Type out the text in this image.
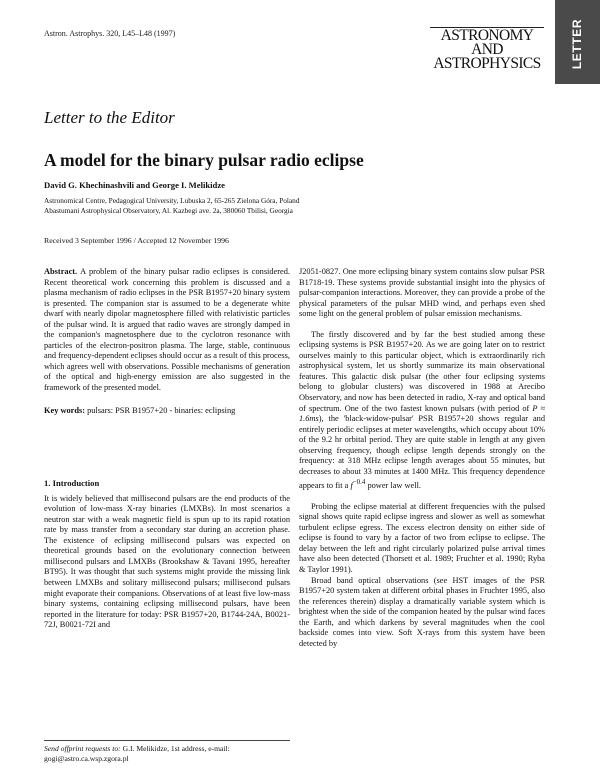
Astron. Astrophys. 320, L45–L48 (1997)	ASTRONOMY
AND
ASTROPHYSICS LETTER
Letter to the Editor
A model for the binary pulsar radio eclipse
David G. Khechinashvili and George I. Melikidze
Astronomical Centre, Pedagogical University, Lubuska 2, 65-265 Zielona Góra, Poland
Abastumani Astrophysical Observatory, Al. Kazbegi ave. 2a, 380060 Tbilisi, Georgia
Received 3 September 1996 / Accepted 12 November 1996

Abstract. A problem of the binary pulsar radio eclipses is considered. Recent theoretical work concerning this problem is discussed and a plasma mechanism of radio eclipses in the PSR B1957+20 binary system is presented. The companion star is assumed to be a degenerate white dwarf with nearly dipolar magnetosphere filled with relativistic particles of the pulsar wind. It is argued that radio waves are strongly damped in the companion's magnetosphere due to the cyclotron resonance with particles of the electron-positron plasma. The large, stable, continuous and frequency-dependent eclipses should occur as a result of this process, which agrees well with observations. Possible mechanisms of generation of the optical and high-energy emission are also suggested in the framework of the presented model.

Key words: pulsars: PSR B1957+20 - binaries: eclipsing

1. Introduction

It is widely believed that millisecond pulsars are the end products of the evolution of low-mass X-ray binaries (LMXBs). In most scenarios a neutron star with a weak magnetic field is spun up to its rapid rotation rate by mass transfer from a secondary star during an accretion phase. The existence of eclipsing millisecond pulsars was expected on theoretical grounds based on the evolutionary connection between millisecond pulsars and LMXBs (Brookshaw & Tavani 1995, hereafter BT95). It was thought that such systems might provide the missing link between LMXBs and solitary millisecond pulsars; millisecond pulsars might evaporate their companions. Observations of at least five low-mass binary systems, containing eclipsing millisecond pulsars, have been reported in the literature for today: PSR B1957+20, B1744-24A, B0021-72J, B0021-72I and

Send offprint requests to: G.I. Melikidze, 1st address, e-mail: gogi@astro.ca.wsp.zgora.pl

J2051-0827. One more eclipsing binary system contains slow pulsar PSR B1718-19. These systems provide substantial insight into the physics of pulsar-companion interactions. Moreover, they can provide a probe of the physical parameters of the pulsar MHD wind, and perhaps even shed some light on the general problem of pulsar emission mechanisms.

The firstly discovered and by far the best studied among these eclipsing systems is PSR B1957+20. As we are going later on to restrict ourselves mainly to this particular object, which is extraordinarily rich astrophysical system, let us shortly summarize its main observational features. This galactic disk pulsar (the other four eclipsing systems belong to globular clusters) was discovered in 1988 at Arecibo Observatory, and now has been detected in radio, X-ray and optical band of spectrum. One of the two fastest known pulsars (with period of P ≈ 1.6ms), the 'black-widow-pulsar' PSR B1957+20 shows regular and entirely periodic eclipses at meter wavelengths, which occupy about 10% of the 9.2 hr orbital period. They are quite stable in length at any given observing frequency, though eclipse length depends strongly on the frequency: at 318 MHz eclipse length averages about 55 minutes, but decreases to about 33 minutes at 1400 MHz. This frequency dependence appears to fit a $f^{-0.4}$ power law well.

Probing the eclipse material at different frequencies with the pulsed signal shows quite rapid eclipse ingress and slower as well as somewhat turbulent eclipse egress. The excess electron density on either side of eclipse is found to vary by a factor of two from eclipse to eclipse. The delay between the left and right circularly polarized pulse arrival times have also been detected (Thorsett et al. 1989; Fruchter et al. 1990; Ryba & Taylor 1991).

Broad band optical observations (see HST images of the PSR B1957+20 system taken at different orbital phases in Fruchter 1995, also the references therein) display a dramatically variable system which is brightest when the side of the companion heated by the pulsar wind faces the Earth, and which darkens by several magnitudes when the cool backside comes into view. Soft X-rays from this system have been detected by
